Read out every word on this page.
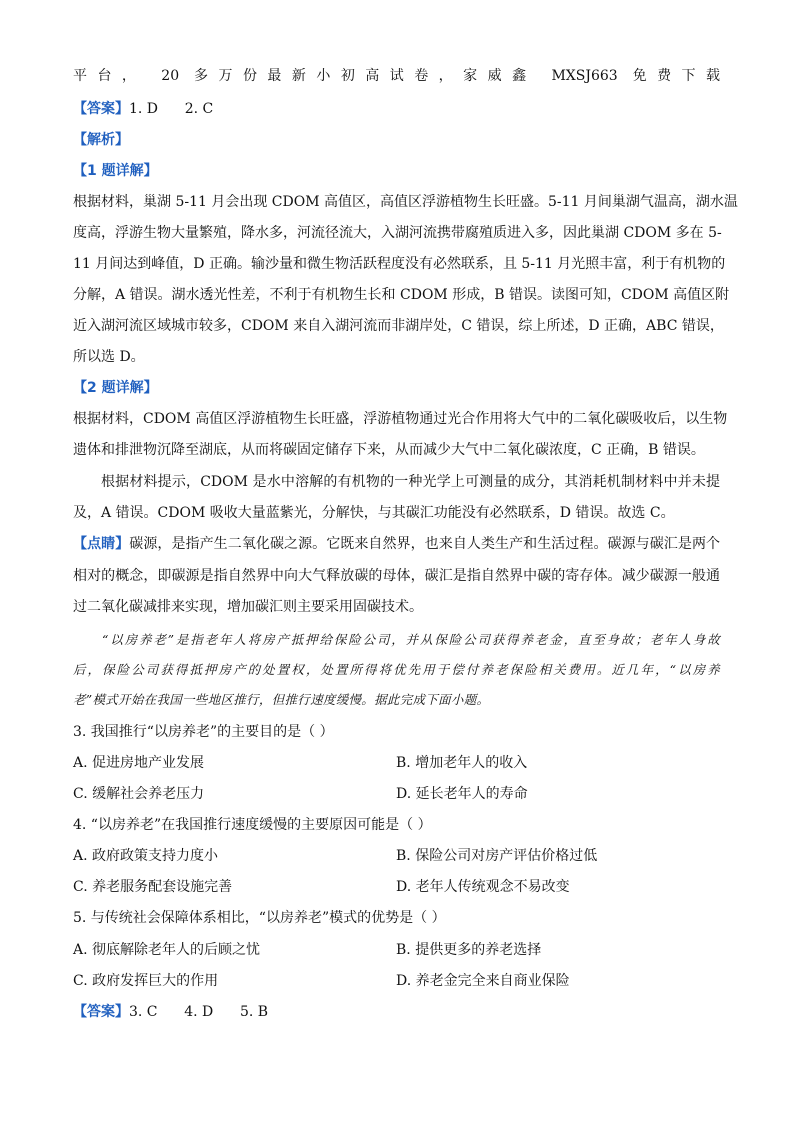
平台， 20 多万份最新小初高试卷，家威鑫 MXSJ663 免费下载
【答案】1. D      2. C
【解析】
【1 题详解】
根据材料，巢湖 5-11 月会出现 CDOM 高值区，高值区浮游植物生长旺盛。5-11 月间巢湖气温高，湖水温
度高，浮游生物大量繁殖，降水多，河流径流大，入湖河流携带腐殖质进入多，因此巢湖 CDOM 多在 5-
11 月间达到峰值，D 正确。输沙量和微生物活跃程度没有必然联系，且 5-11 月光照丰富，利于有机物的
分解，A 错误。湖水透光性差，不利于有机物生长和 CDOM 形成，B 错误。读图可知，CDOM 高值区附
近入湖河流区域城市较多，CDOM 来自入湖河流而非湖岸处，C 错误，综上所述，D 正确，ABC 错误，
所以选 D。
【2 题详解】
根据材料，CDOM 高值区浮游植物生长旺盛，浮游植物通过光合作用将大气中的二氧化碳吸收后，以生物
遗体和排泄物沉降至湖底，从而将碳固定储存下来，从而减少大气中二氧化碳浓度，C 正确，B 错误。
根据材料提示，CDOM 是水中溶解的有机物的一种光学上可测量的成分，其消耗机制材料中并未提
及，A 错误。CDOM 吸收大量蓝紫光，分解快，与其碳汇功能没有必然联系，D 错误。故选 C。
【点睛】碳源，是指产生二氧化碳之源。它既来自然界，也来自人类生产和生活过程。碳源与碳汇是两个
相对的概念，即碳源是指自然界中向大气释放碳的母体，碳汇是指自然界中碳的寄存体。减少碳源一般通
过二氧化碳减排来实现，增加碳汇则主要采用固碳技术。
“以房养老”是指老年人将房产抵押给保险公司，并从保险公司获得养老金，直至身故；老年人身故
后，保险公司获得抵押房产的处置权，处置所得将优先用于偿付养老保险相关费用。近几年，“以房养
老”模式开始在我国一些地区推行，但推行速度缓慢。据此完成下面小题。
3. 我国推行“以房养老”的主要目的是（ ）
A. 促进房地产业发展	B. 增加老年人的收入
C. 缓解社会养老压力	D. 延长老年人的寿命
4. “以房养老”在我国推行速度缓慢的主要原因可能是（ ）
A. 政府政策支持力度小	B. 保险公司对房产评估价格过低
C. 养老服务配套设施完善	D. 老年人传统观念不易改变
5. 与传统社会保障体系相比，“以房养老”模式的优势是（ ）
A. 彻底解除老年人的后顾之忧	B. 提供更多的养老选择
C. 政府发挥巨大的作用	D. 养老金完全来自商业保险
【答案】3. C      4. D      5. B
